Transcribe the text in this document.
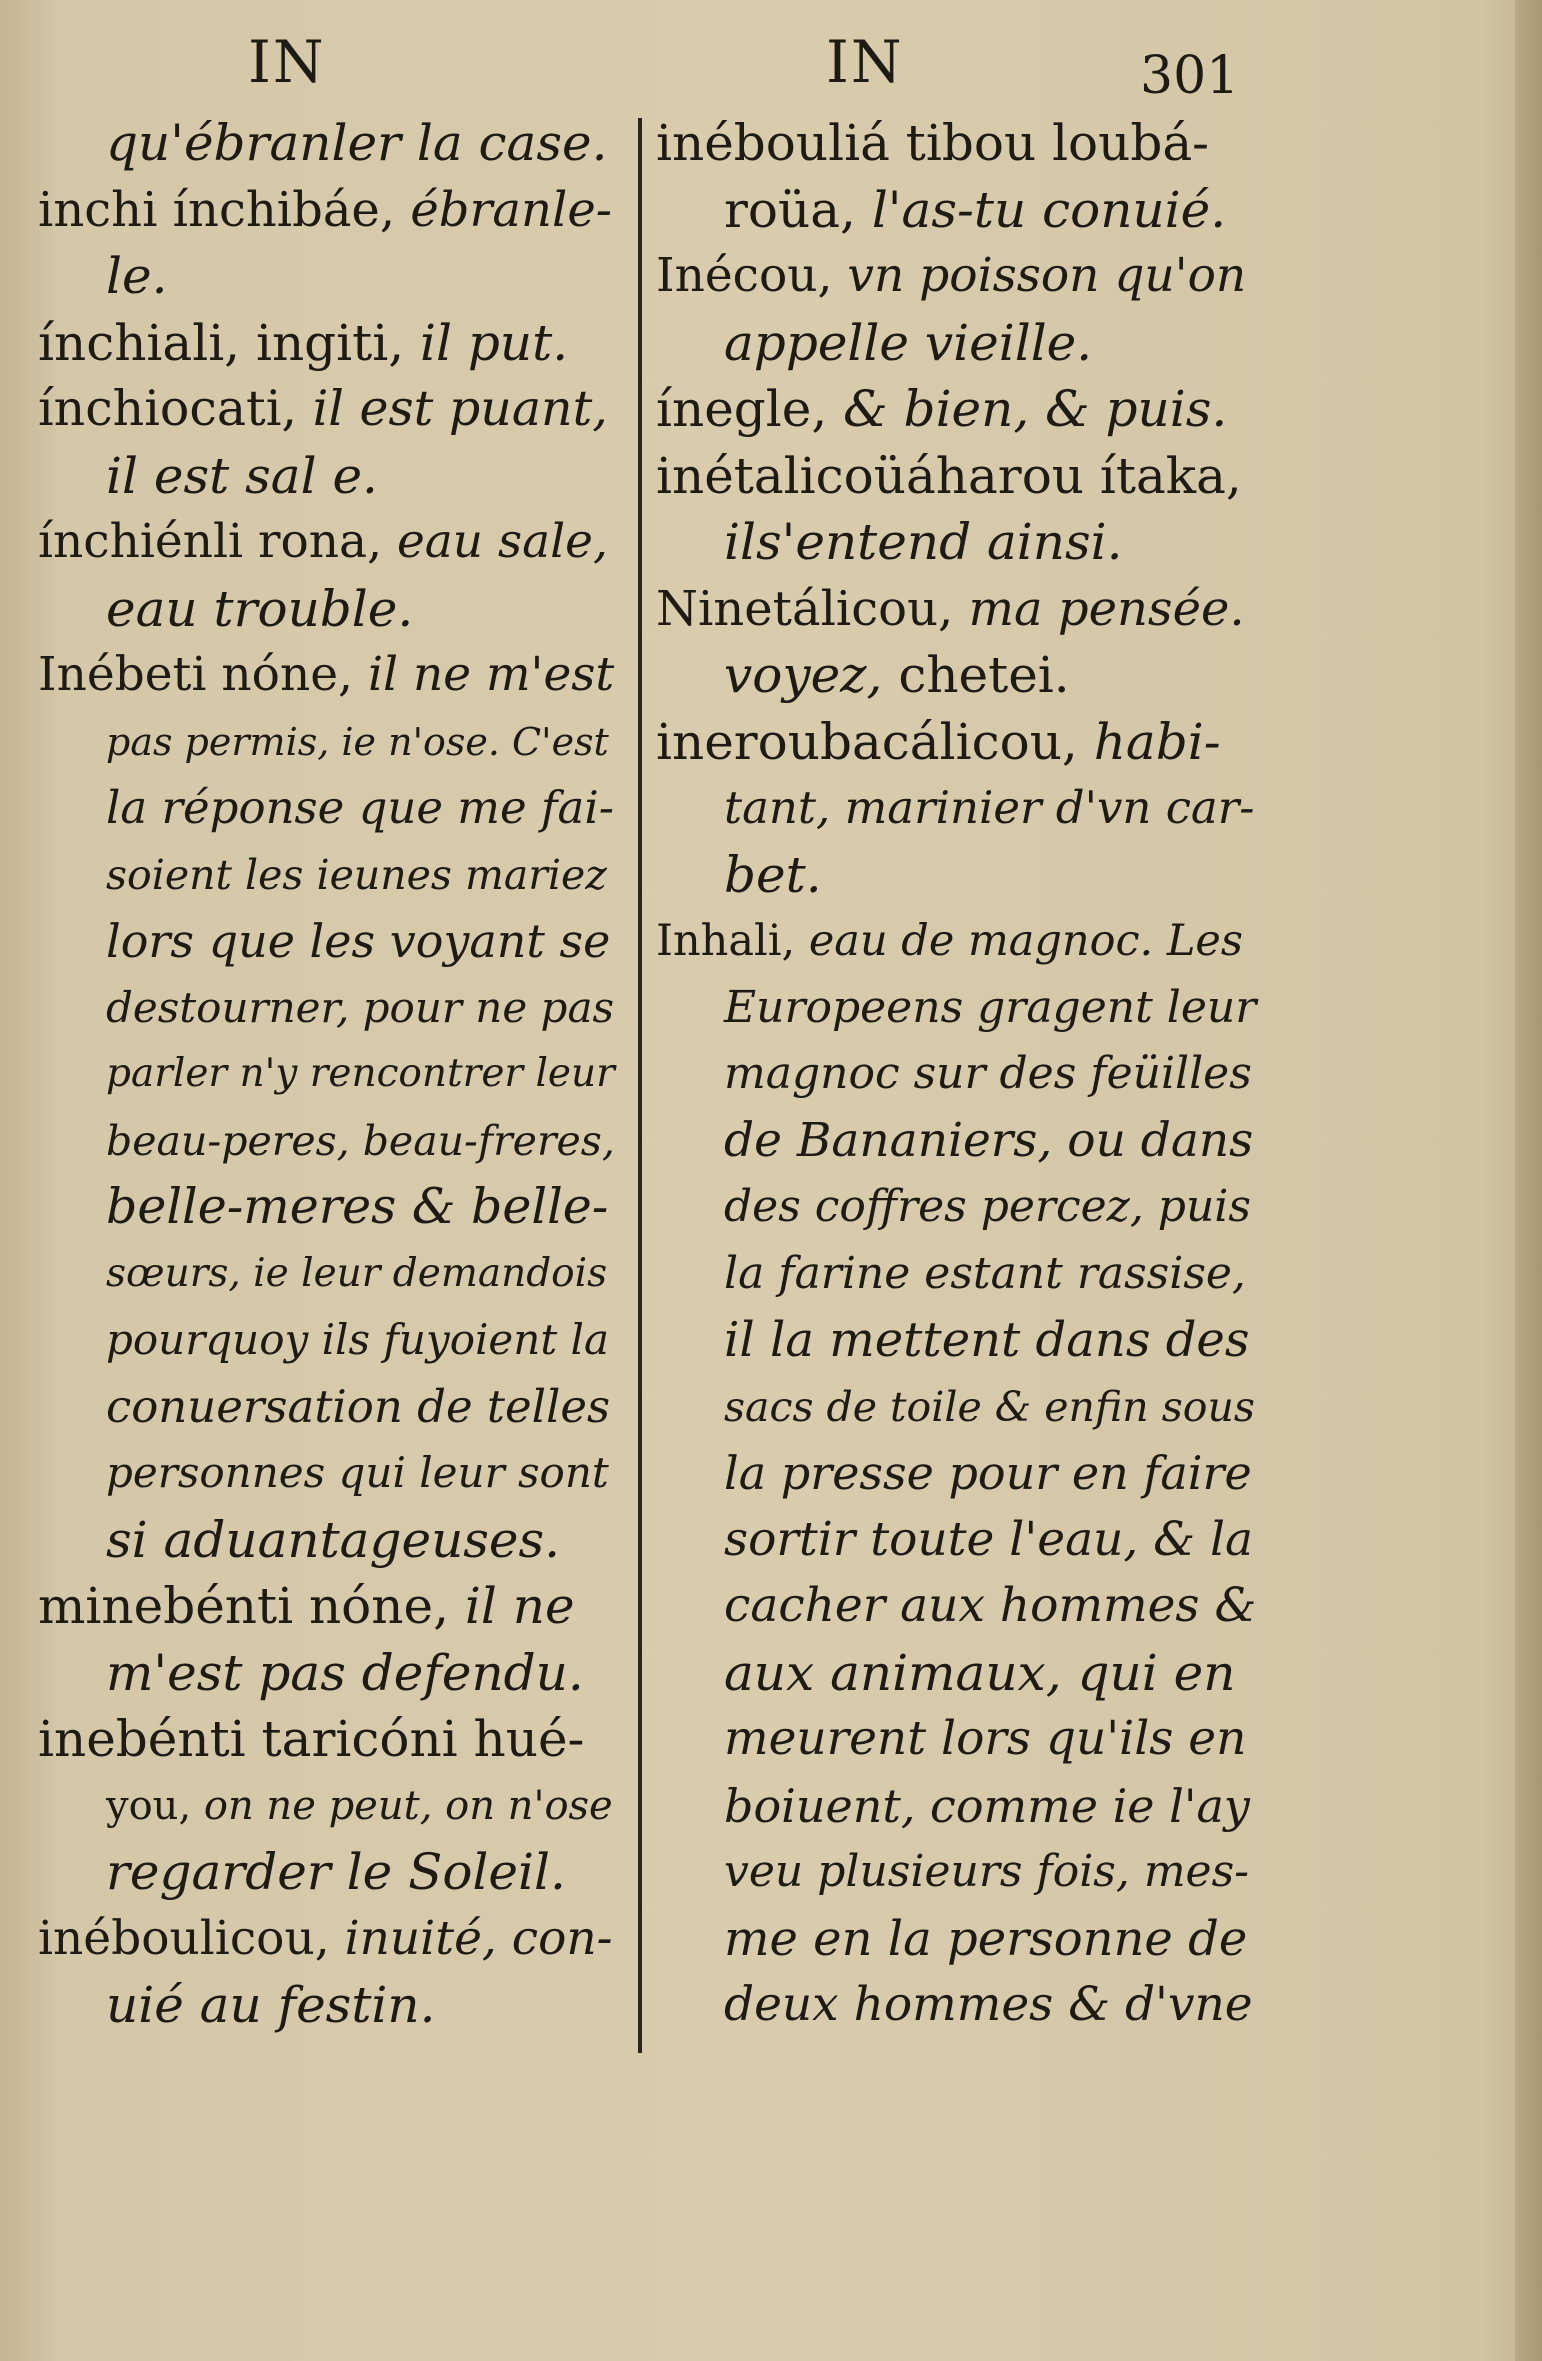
IN	IN	301
qu'ébranler la case.
inchi ínchibáe, ébranle-
le.
ínchiali, ingiti, il put.
ínchiocati, il est puant,
il est sal e.
ínchiénli rona, eau sale,
eau trouble.
Inébeti nóne, il ne m'est
pas permis, ie n'ose. C'est
la réponse que me fai-
soient les ieunes mariez
lors que les voyant se
destourner, pour ne pas
parler n'y rencontrer leur
beau-peres, beau-freres,
belle-meres & belle-
sœurs, ie leur demandois
pourquoy ils fuyoient la
conuersation de telles
personnes qui leur sont
si aduantageuses.
minebénti nóne, il ne
m'est pas defendu.
inebénti taricóni hué-
you, on ne peut, on n'ose
regarder le Soleil.
inéboulicou, inuité, con-
uié au festin.
inébouliá tibou loubá-
roüa, l'as-tu conuié.
Inécou, vn poisson qu'on
appelle vieille.
ínegle, & bien, & puis.
inétalicoüáharou ítaka,
ils'entend ainsi.
Ninetálicou, ma pensée.
voyez, chetei.
ineroubacálicou, habi-
tant, marinier d'vn car-
bet.
Inhali, eau de magnoc. Les
Europeens gragent leur
magnoc sur des feüilles
de Bananiers, ou dans
des coffres percez, puis
la farine estant rassise,
il la mettent dans des
sacs de toile & enfin sous
la presse pour en faire
sortir toute l'eau, & la
cacher aux hommes &
aux animaux, qui en
meurent lors qu'ils en
boiuent, comme ie l'ay
veu plusieurs fois, mes-
me en la personne de
deux hommes & d'vne
